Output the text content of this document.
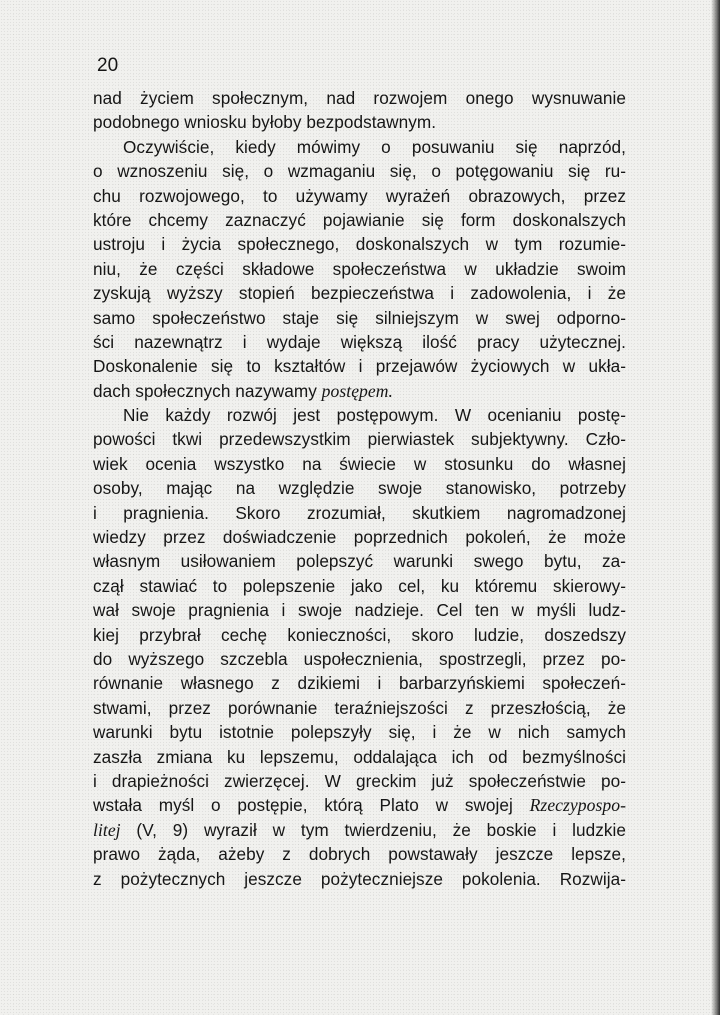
20

nad życiem społecznym, nad rozwojem onego wysnuwanie
podobnego wniosku byłoby bezpodstawnym.
Oczywiście, kiedy mówimy o posuwaniu się naprzód,
o wznoszeniu się, o wzmaganiu się, o potęgowaniu się ru-
chu rozwojowego, to używamy wyrażeń obrazowych, przez
które chcemy zaznaczyć pojawianie się form doskonalszych
ustroju i życia społecznego, doskonalszych w tym rozumie-
niu, że części składowe społeczeństwa w układzie swoim
zyskują wyższy stopień bezpieczeństwa i zadowolenia, i że
samo społeczeństwo staje się silniejszym w swej odporno-
ści nazewnątrz i wydaje większą ilość pracy użytecznej.
Doskonalenie się to kształtów i przejawów życiowych w ukła-
dach społecznych nazywamy postępem.
Nie każdy rozwój jest postępowym. W ocenianiu postę-
powości tkwi przedewszystkim pierwiastek subjektywny. Czło-
wiek ocenia wszystko na świecie w stosunku do własnej
osoby, mając na względzie swoje stanowisko, potrzeby
i pragnienia. Skoro zrozumiał, skutkiem nagromadzonej
wiedzy przez doświadczenie poprzednich pokoleń, że może
własnym usiłowaniem polepszyć warunki swego bytu, za-
czął stawiać to polepszenie jako cel, ku któremu skierowy-
wał swoje pragnienia i swoje nadzieje. Cel ten w myśli ludz-
kiej przybrał cechę konieczności, skoro ludzie, doszedszy
do wyższego szczebla uspołecznienia, spostrzegli, przez po-
równanie własnego z dzikiemi i barbarzyńskiemi społeczeń-
stwami, przez porównanie teraźniejszości z przeszłością, że
warunki bytu istotnie polepszyły się, i że w nich samych
zaszła zmiana ku lepszemu, oddalająca ich od bezmyślności
i drapieżności zwierzęcej. W greckim już społeczeństwie po-
wstała myśl o postępie, którą Plato w swojej Rzeczypospo-
litej (V, 9) wyraził w tym twierdzeniu, że boskie i ludzkie
prawo żąda, ażeby z dobrych powstawały jeszcze lepsze,
z pożytecznych jeszcze pożyteczniejsze pokolenia. Rozwija-
